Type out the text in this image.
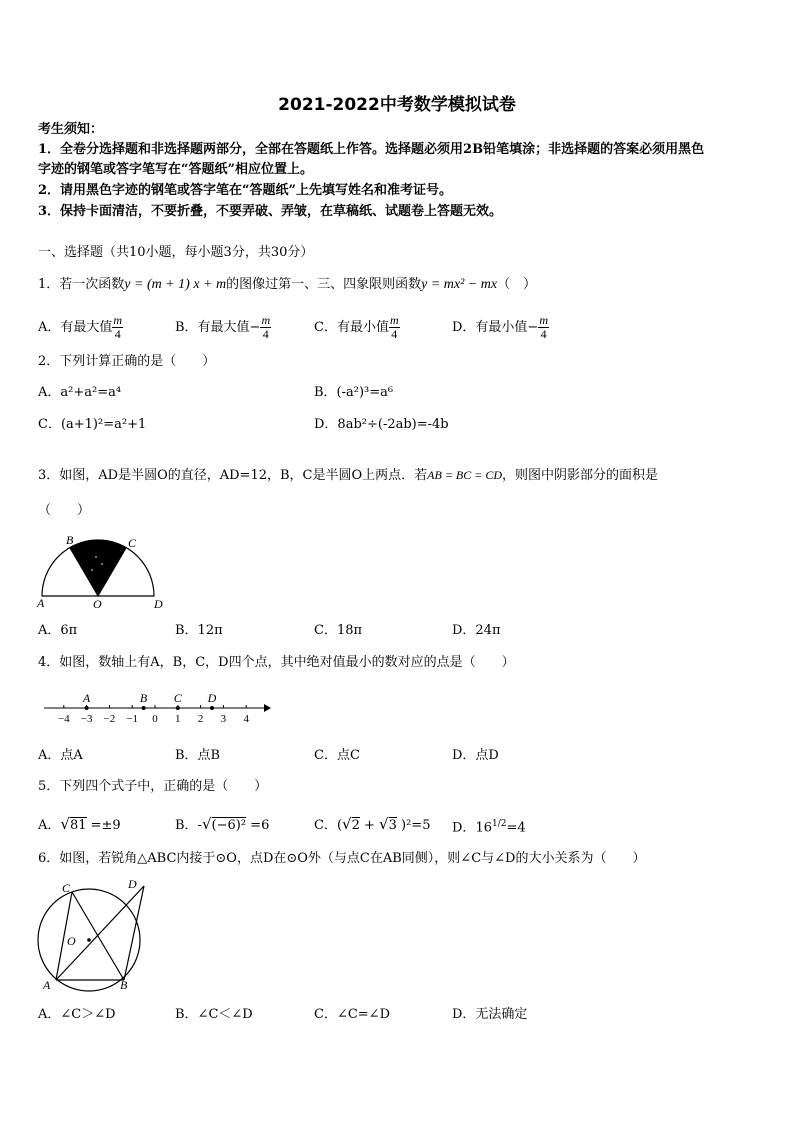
2021-2022中考数学模拟试卷
考生须知：
1．全卷分选择题和非选择题两部分，全部在答题纸上作答。选择题必须用2B铅笔填涂；非选择题的答案必须用黑色
字迹的钢笔或答字笔写在“答题纸”相应位置上。
2．请用黑色字迹的钢笔或答字笔在“答题纸”上先填写姓名和准考证号。
3．保持卡面清洁，不要折叠，不要弄破、弄皱，在草稿纸、试题卷上答题无效。
一、选择题（共10小题，每小题3分，共30分）
1．若一次函数y = (m + 1) x + m的图像过第一、三、四象限则函数y = mx² − mx（　）
A．有最大值 $\frac{m}{4}$	B．有最大值− $\frac{m}{4}$	C．有最小值 $\frac{m}{4}$	D．有最小值− $\frac{m}{4}$
2．下列计算正确的是（　　）
A．a²+a²=a⁴	B．(-a²)³=a⁶
C．(a+1)²=a²+1	D．8ab²÷(-2ab)=-4b
3．如图，AD是半圆O的直径，AD=12，B，C是半圆O上两点．若AB = BC = CD，则图中阴影部分的面积是
（　　）
A
B	C
D
O
A．6π	B．12π	C．18π	D．24π
4．如图，数轴上有A，B，C，D四个点，其中绝对值最小的数对应的点是（　　）
−4 −3 −2 −1 0 1 2 3 4
A	B C D
A．点A	B．点B	C．点C	D．点D
5．下列四个式子中，正确的是（　　）
A．√81 =±9	B．-√(−6)² =6	C．(√2 + √3 )²=5 D．$16^{1/2}=4$
6．如图，若锐角△ABC内接于⊙O，点D在⊙O外（与点C在AB同侧），则∠C与∠D的大小关系为（　　）
C	D
O
A	B
A．∠C＞∠D	B．∠C＜∠D	C．∠C=∠D	D．无法确定
